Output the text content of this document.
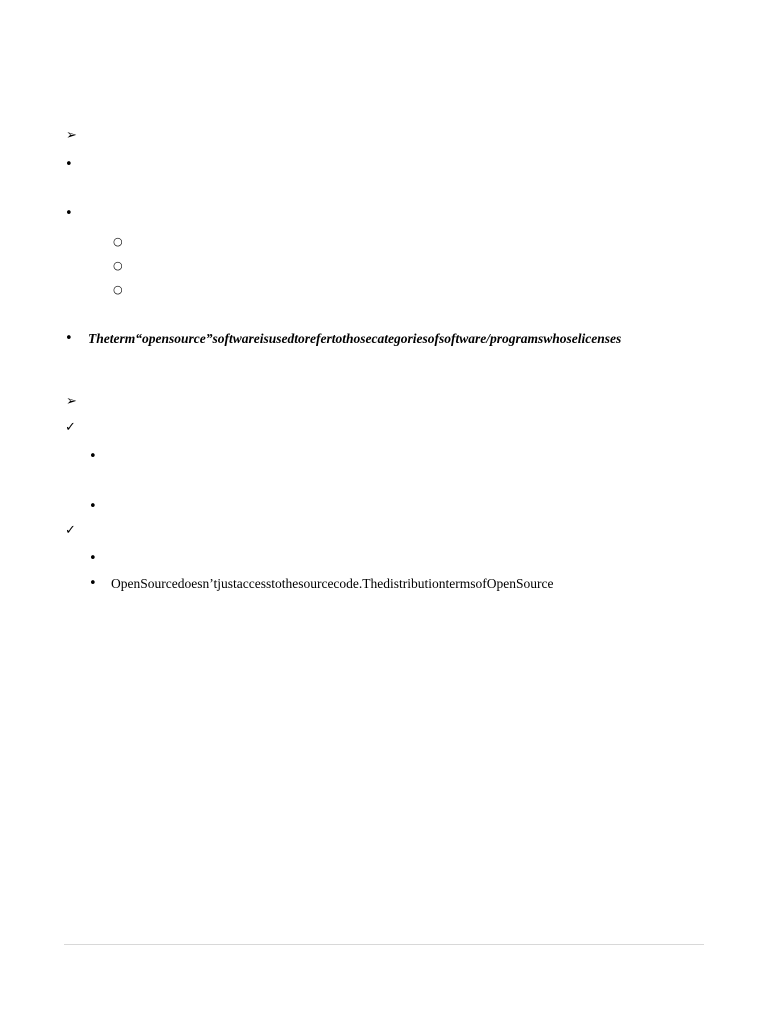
➢
•
•
○
○
○
• Theterm“opensource”softwareisusedtorefertothosecategoriesofsoftware/programswhoselicenses
➢
✓
•
•
✓
•
• OpenSourcedoesn’tjustaccesstothesourcecode.ThedistributiontermsofOpenSource
